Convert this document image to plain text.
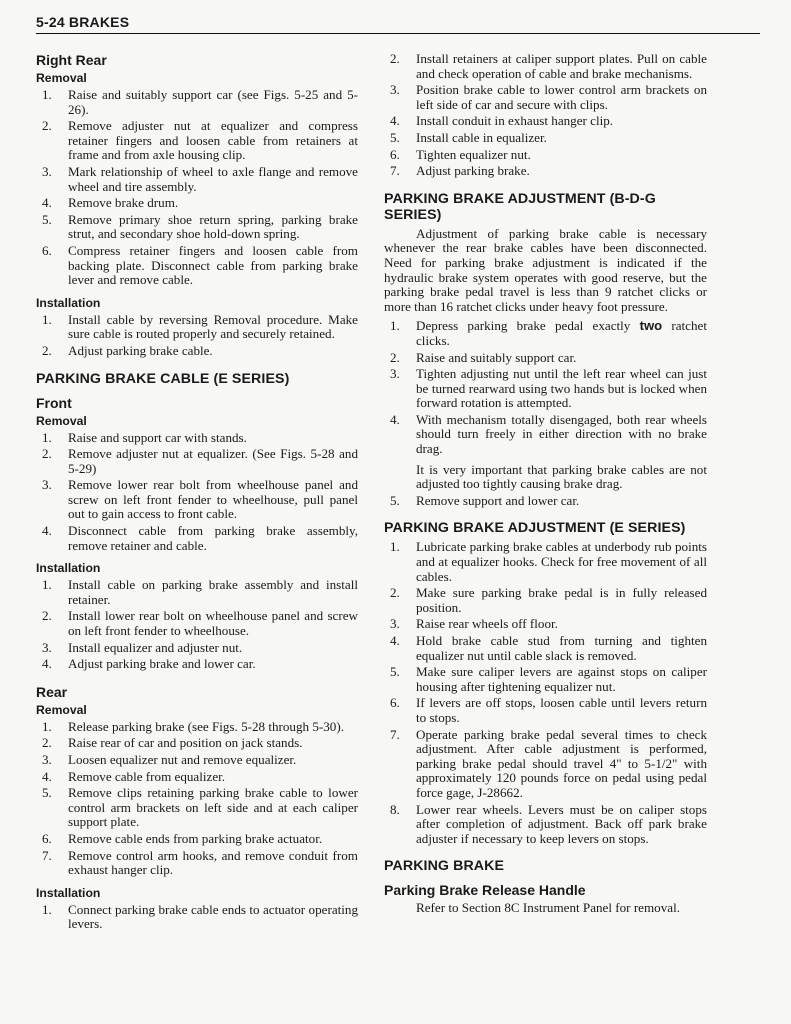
5-24 BRAKES
Right Rear
Removal
1.	Raise and suitably support car (see Figs. 5-25 and 5-26).
2.	Remove adjuster nut at equalizer and compress retainer fingers and loosen cable from retainers at frame and from axle housing clip.
3.	Mark relationship of wheel to axle flange and remove wheel and tire assembly.
4.	Remove brake drum.
5.	Remove primary shoe return spring, parking brake strut, and secondary shoe hold-down spring.
6.	Compress retainer fingers and loosen cable from backing plate. Disconnect cable from parking brake lever and remove cable.
Installation
1.	Install cable by reversing Removal procedure. Make sure cable is routed properly and securely retained.
2.	Adjust parking brake cable.
PARKING BRAKE CABLE (E SERIES)
Front
Removal
1.	Raise and support car with stands.
2.	Remove adjuster nut at equalizer. (See Figs. 5-28 and 5-29)
3.	Remove lower rear bolt from wheelhouse panel and screw on left front fender to wheelhouse, pull panel out to gain access to front cable.
4.	Disconnect cable from parking brake assembly, remove retainer and cable.
Installation
1.	Install cable on parking brake assembly and install retainer.
2.	Install lower rear bolt on wheelhouse panel and screw on left front fender to wheelhouse.
3.	Install equalizer and adjuster nut.
4.	Adjust parking brake and lower car.
Rear
Removal
1.	Release parking brake (see Figs. 5-28 through 5-30).
2.	Raise rear of car and position on jack stands.
3.	Loosen equalizer nut and remove equalizer.
4.	Remove cable from equalizer.
5.	Remove clips retaining parking brake cable to lower control arm brackets on left side and at each caliper support plate.
6.	Remove cable ends from parking brake actuator.
7.	Remove control arm hooks, and remove conduit from exhaust hanger clip.
Installation
1.	Connect parking brake cable ends to actuator operating levers.
2.	Install retainers at caliper support plates. Pull on cable and check operation of cable and brake mechanisms.
3.	Position brake cable to lower control arm brackets on left side of car and secure with clips.
4.	Install conduit in exhaust hanger clip.
5.	Install cable in equalizer.
6.	Tighten equalizer nut.
7.	Adjust parking brake.
PARKING BRAKE ADJUSTMENT (B-D-G SERIES)

Adjustment of parking brake cable is necessary whenever the rear brake cables have been disconnected. Need for parking brake adjustment is indicated if the hydraulic brake system operates with good reserve, but the parking brake pedal travel is less than 9 ratchet clicks or more than 16 ratchet clicks under heavy foot pressure.

1.	Depress parking brake pedal exactly two ratchet clicks.
2.	Raise and suitably support car.
3.	Tighten adjusting nut until the left rear wheel can just be turned rearward using two hands but is locked when forward rotation is attempted.
4.	With mechanism totally disengaged, both rear wheels should turn freely in either direction with no brake drag.

It is very important that parking brake cables are not adjusted too tightly causing brake drag.

5.	Remove support and lower car.
PARKING BRAKE ADJUSTMENT (E SERIES)
1.	Lubricate parking brake cables at underbody rub points and at equalizer hooks. Check for free movement of all cables.
2.	Make sure parking brake pedal is in fully released position.
3.	Raise rear wheels off floor.
4.	Hold brake cable stud from turning and tighten equalizer nut until cable slack is removed.
5.	Make sure caliper levers are against stops on caliper housing after tightening equalizer nut.
6.	If levers are off stops, loosen cable until levers return to stops.
7.	Operate parking brake pedal several times to check adjustment. After cable adjustment is performed, parking brake pedal should travel 4" to 5-1/2" with approximately 120 pounds force on pedal using pedal force gage, J-28662.
8.	Lower rear wheels. Levers must be on caliper stops after completion of adjustment. Back off park brake adjuster if necessary to keep levers on stops.
PARKING BRAKE
Parking Brake Release Handle

Refer to Section 8C Instrument Panel for removal.
